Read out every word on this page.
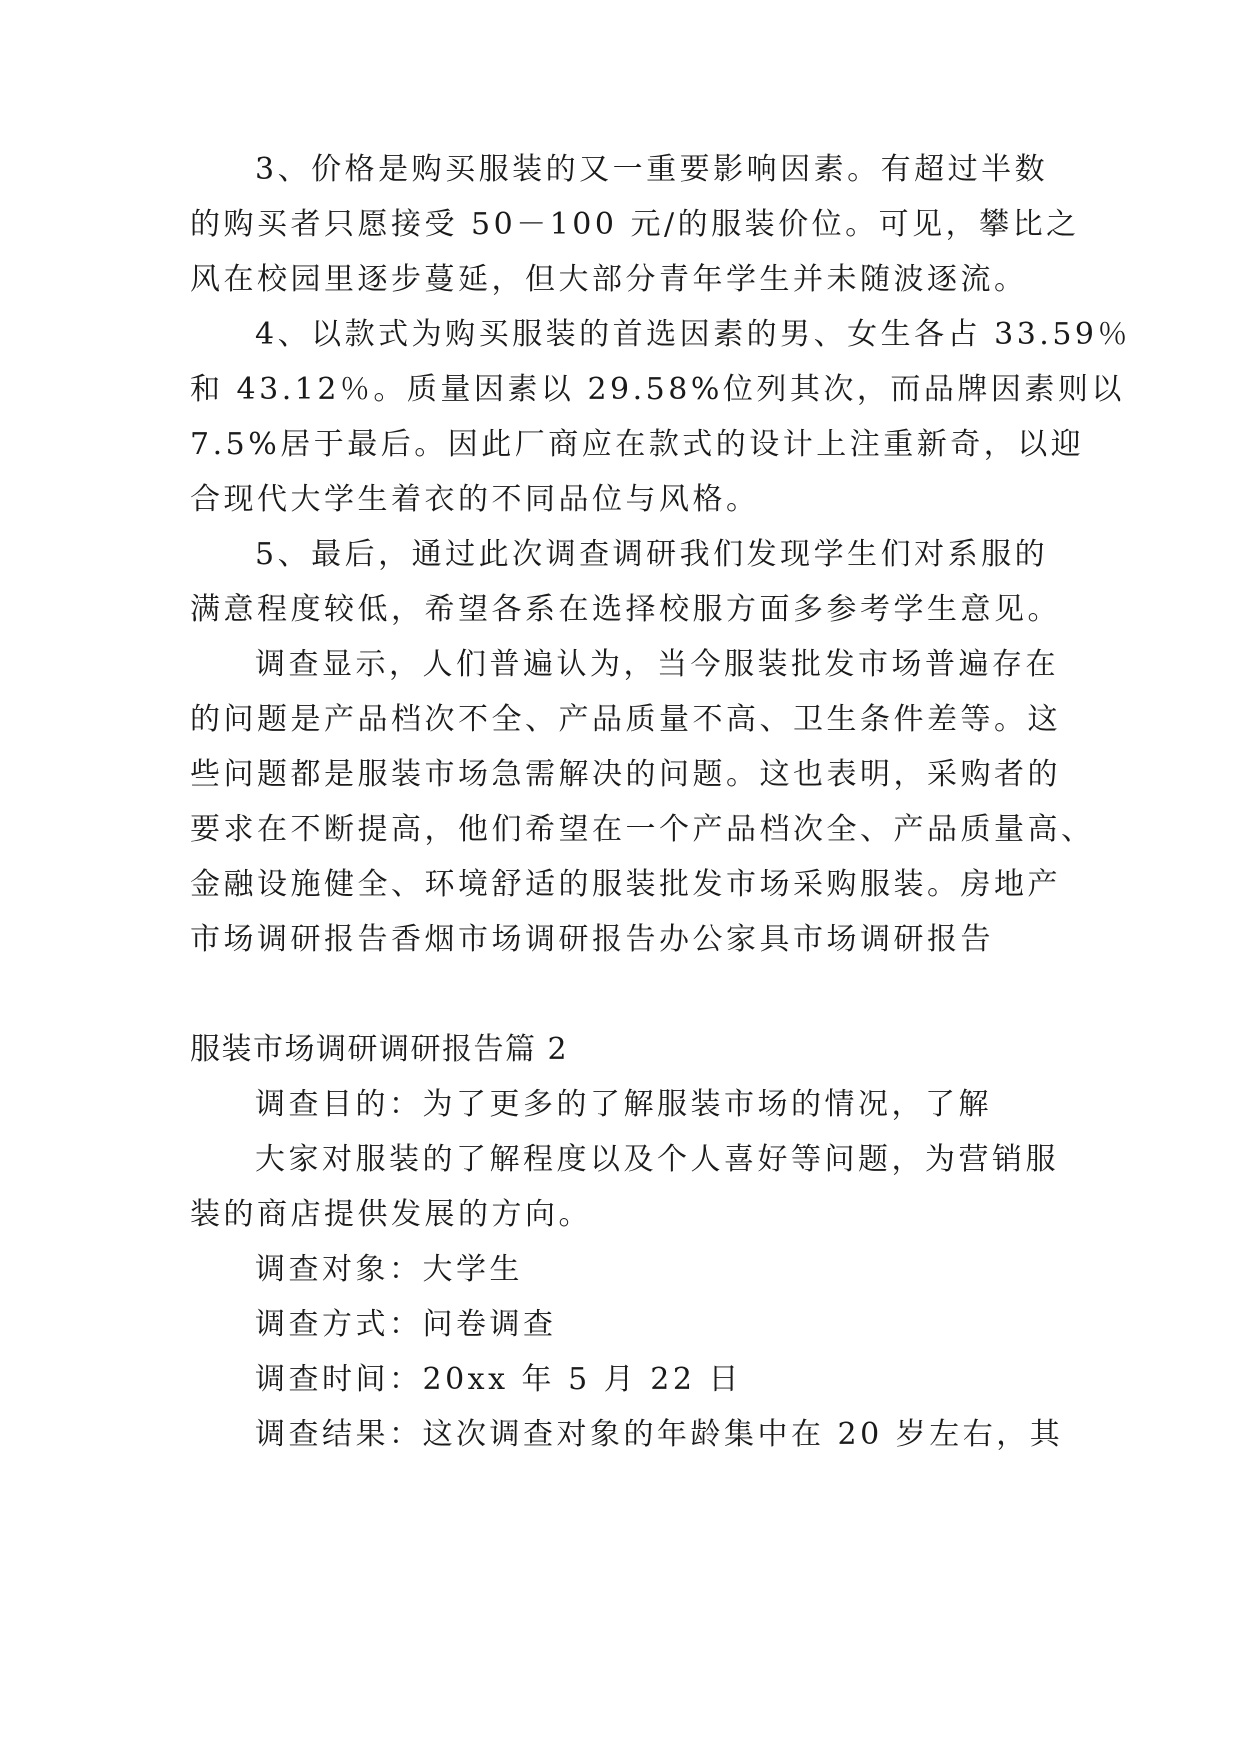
3、价格是购买服装的又一重要影响因素。有超过半数
的购买者只愿接受 50－100 元/的服装价位。可见，攀比之
风在校园里逐步蔓延，但大部分青年学生并未随波逐流。
4、以款式为购买服装的首选因素的男、女生各占 33.59％
和 43.12％。质量因素以 29.58%位列其次，而品牌因素则以
7.5%居于最后。因此厂商应在款式的设计上注重新奇，以迎
合现代大学生着衣的不同品位与风格。
5、最后，通过此次调查调研我们发现学生们对系服的
满意程度较低，希望各系在选择校服方面多参考学生意见。
调查显示，人们普遍认为，当今服装批发市场普遍存在
的问题是产品档次不全、产品质量不高、卫生条件差等。这
些问题都是服装市场急需解决的问题。这也表明，采购者的
要求在不断提高，他们希望在一个产品档次全、产品质量高、
金融设施健全、环境舒适的服装批发市场采购服装。房地产
市场调研报告香烟市场调研报告办公家具市场调研报告
服装市场调研调研报告篇 2
调查目的：为了更多的了解服装市场的情况，了解
大家对服装的了解程度以及个人喜好等问题，为营销服
装的商店提供发展的方向。
调查对象：大学生
调查方式：问卷调查
调查时间：20xx 年 5 月 22 日
调查结果：这次调查对象的年龄集中在 20 岁左右，其
